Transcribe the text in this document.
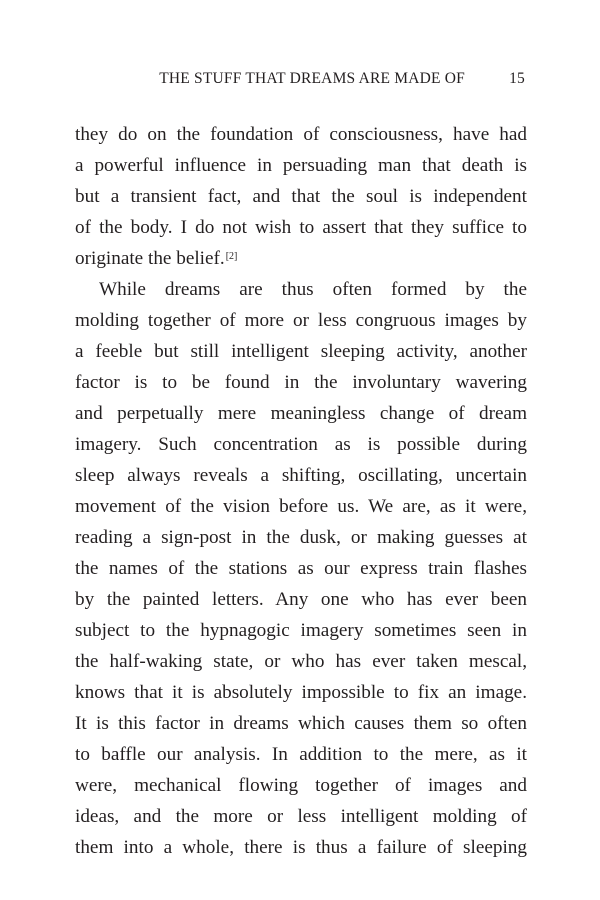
THE STUFF THAT DREAMS ARE MADE OF	15
they do on the foundation of consciousness, have had
a powerful influence in persuading man that death is
but a transient fact, and that the soul is independent
of the body. I do not wish to assert that they suffice to
originate the belief.[2]
While dreams are thus often formed by the
molding together of more or less congruous images by
a feeble but still intelligent sleeping activity, another
factor is to be found in the involuntary wavering
and perpetually mere meaningless change of dream
imagery. Such concentration as is possible during
sleep always reveals a shifting, oscillating, uncertain
movement of the vision before us. We are, as it were,
reading a sign-post in the dusk, or making guesses at
the names of the stations as our express train flashes
by the painted letters. Any one who has ever been
subject to the hypnagogic imagery sometimes seen in
the half-waking state, or who has ever taken mescal,
knows that it is absolutely impossible to fix an image.
It is this factor in dreams which causes them so often
to baffle our analysis. In addition to the mere, as it
were, mechanical flowing together of images and
ideas, and the more or less intelligent molding of
them into a whole, there is thus a failure of sleeping
